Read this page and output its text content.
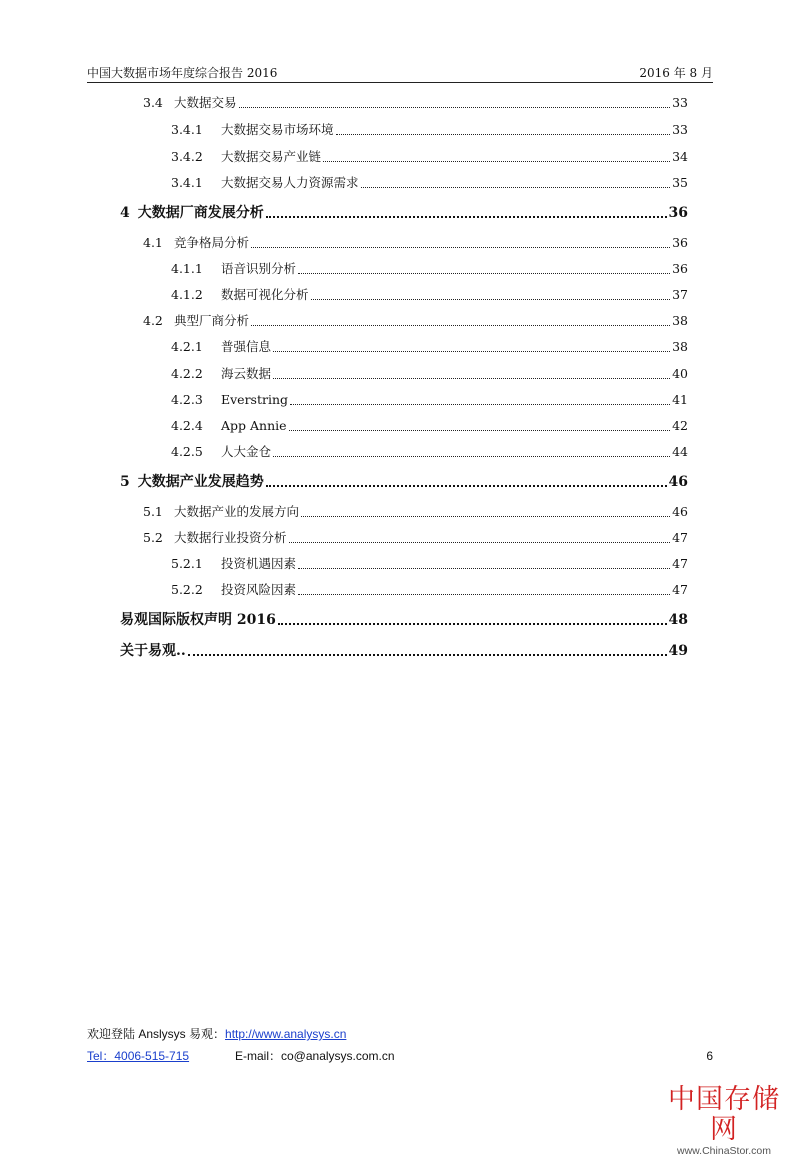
中国大数据市场年度综合报告 2016	2016 年 8 月
3.4 大数据交易	33
3.4.1	大数据交易市场环境	33
3.4.2	大数据交易产业链	34
3.4.1	大数据交易人力资源需求	35
4 大数据厂商发展分析	36
4.1 竞争格局分析	36
4.1.1	语音识别分析	36
4.1.2	数据可视化分析	37
4.2 典型厂商分析	38
4.2.1	普强信息	38
4.2.2	海云数据	40
4.2.3	Everstring	41
4.2.4	App Annie	42
4.2.5	人大金仓	44
5 大数据产业发展趋势	46
5.1 大数据产业的发展方向	46
5.2 大数据行业投资分析	47
5.2.1	投资机遇因素	47
5.2.2	投资风险因素	47
易观国际版权声明 2016	48
关于易观..	49
欢迎登陆 Anslysys 易观：http://www.analysys.cn
Tel：4006-515-715	E-mail：co@analysys.com.cn	6
中国存储网
www.ChinaStor.com
